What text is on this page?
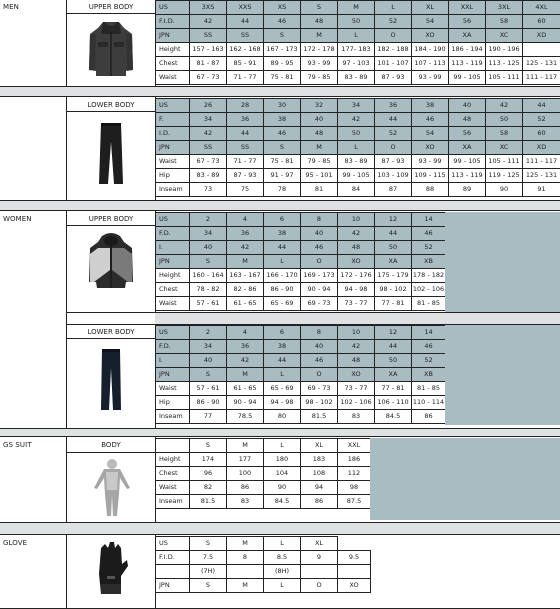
MEN	UPPER BODY	US	3XS	XXS	XS	S	M	L	XL	XXL	3XL	4XL
F.I.D.	42	44	46	48	50	52	54	56	58	60
JPN	SS	SS	S	M	L	O	XO	XA	XC	XD
Height	157 - 163	162 - 168	167 - 173	172 - 178	177- 183	182 - 188	184 - 190	186 - 194	190 - 196	
Chest	81 - 87	85 - 91	89 - 95	93 - 99	97 - 103	101 - 107	107 - 113	113 - 119	113 - 125	125 - 131
Waist	67 - 73	71 - 77	75 - 81	79 - 85	83 - 89	87 - 93	93 - 99	99 - 105	105 - 111	111 - 117
LOWER BODY	US	26	28	30	32	34	36	38	40	42	44
F.	34	36	38	40	42	44	46	48	50	52
I.D.	42	44	46	48	50	52	54	56	58	60
JPN	SS	SS	S	M	L	O	XO	XA	XC	XD
Waist	67 - 73	71 - 77	75 - 81	79 - 85	83 - 89	87 - 93	93 - 99	99 - 105	105 - 111	111 - 117
Hip	83 - 89	87 - 93	91 - 97	95 - 101	99 - 105	103 - 109	109 - 115	113 - 119	119 - 125	125 - 131
Inseam	73	75	78	81	84	87	88	89	90	91
WOMEN	UPPER BODY	US	2	4	6	8	10	12	14
F.D.	34	36	38	40	42	44	46
I.	40	42	44	46	48	50	52
JPN	S	M	L	O	XO	XA	XB
Height	160 - 164	163 - 167	166 - 170	169 - 173	172 - 176	175 - 179	178 - 182
Chest	78 - 82	82 - 86	86 - 90	90 - 94	94 - 98	98 - 102	102 - 106
Waist	57 - 61	61 - 65	65 - 69	69 - 73	73 - 77	77 - 81	81 - 85
LOWER BODY	US	2	4	6	8	10	12	14
F.D.	34	36	38	40	42	44	46
I.	40	42	44	46	48	50	52
JPN	S	M	L	O	XO	XA	XB
Waist	57 - 61	61 - 65	65 - 69	69 - 73	73 - 77	77 - 81	81 - 85
Hip	86 - 90	90 - 94	94 - 98	98 - 102	102 - 106	106 - 110	110 - 114
Inseam	77	78.5	80	81.5	83	84.5	86
GS SUIT	BODY
		S	M	L	XL	XXL
Height	174	177	180	183	186
Chest	96	100	104	108	112
Waist	82	86	90	94	98
Inseam	81.5	83	84.5	86	87.5
GLOVE	US	S	M	L	XL	
F.I.D.	7.5	8	8.5	9	9.5
	(7H)		(8H)		
JPN	S	M	L	O	XO
